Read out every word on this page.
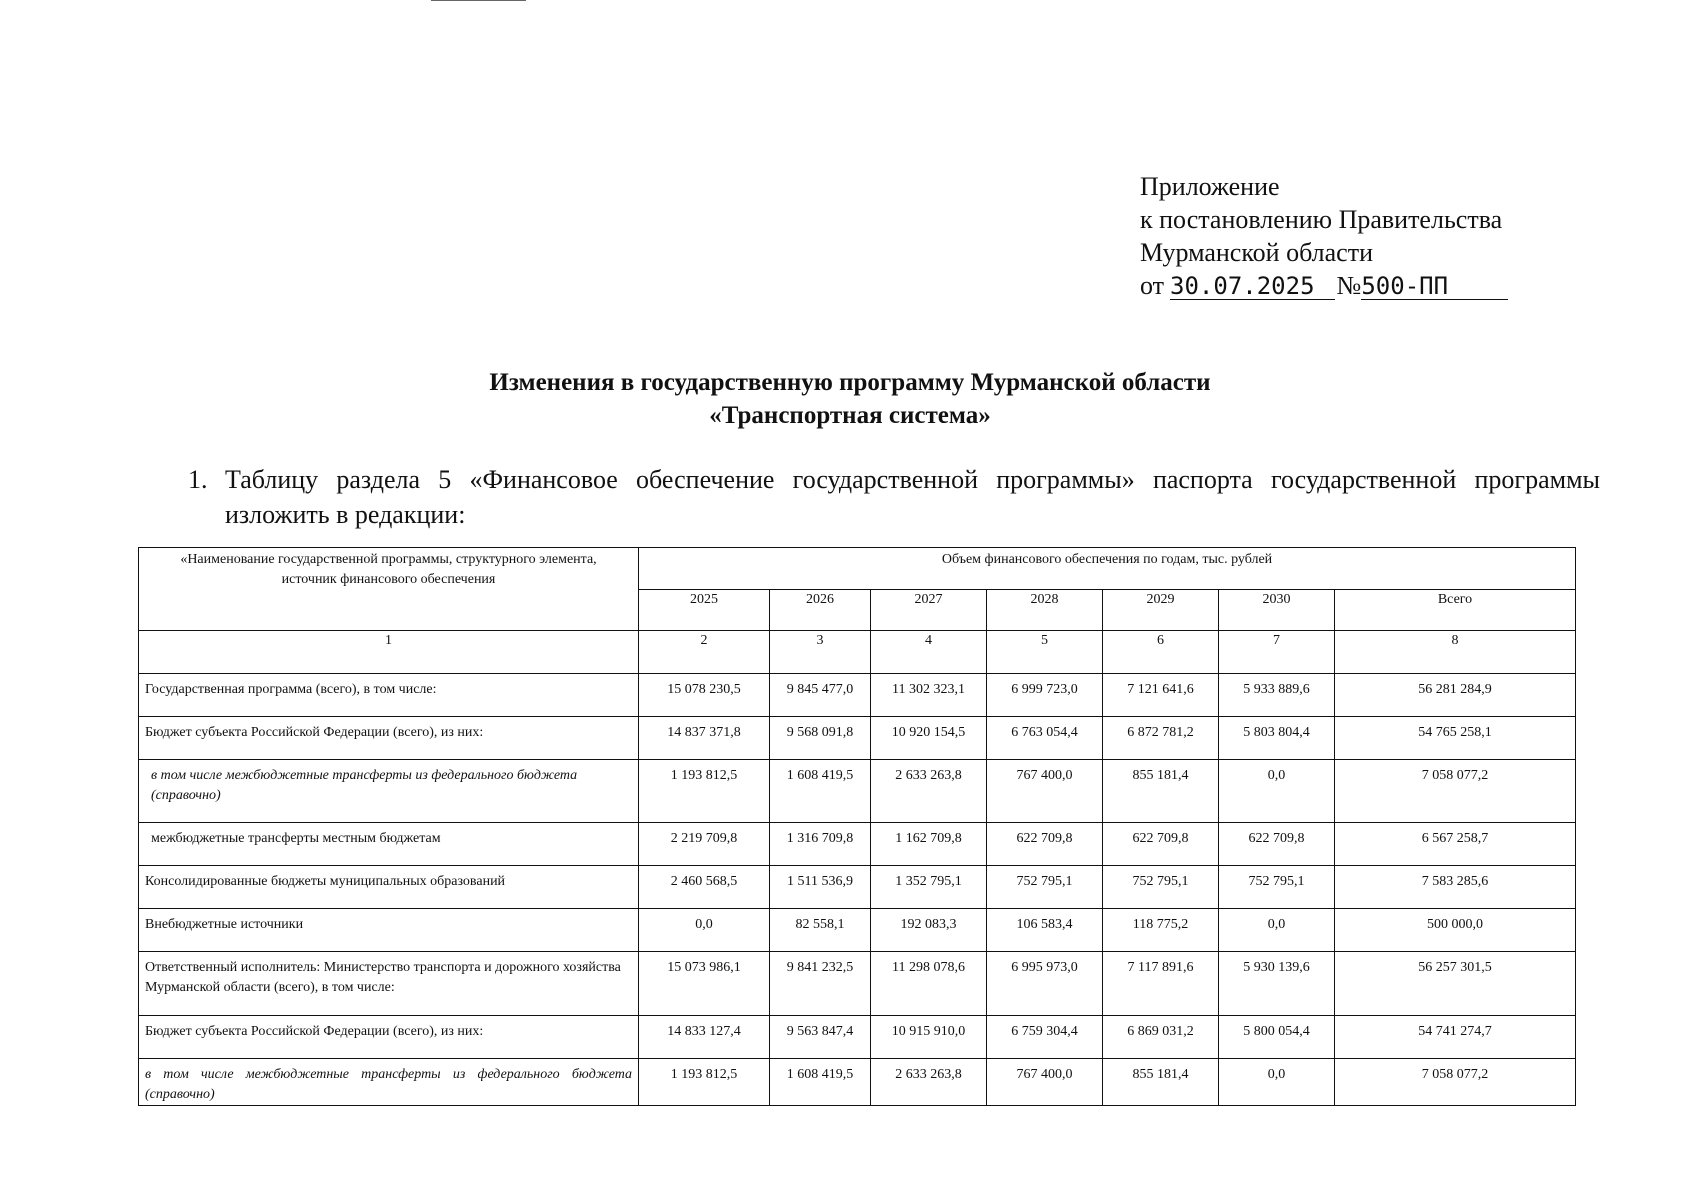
Приложение
к постановлению Правительства
Мурманской области
от 30.07.2025 № 500-ПП
Изменения в государственную программу Мурманской области
«Транспортная система»
1. Таблицу раздела 5 «Финансовое обеспечение государственной программы» паспорта государственной программы изложить в редакции:
«Наименование государственной программы, структурного элемента,
источник финансового обеспечения	Объем финансового обеспечения по годам, тыс. рублей						
	2025	2026	2027	2028	2029	2030	Всего
1	2	3	4	5	6	7	8
Государственная программа (всего), в том числе:	15 078 230,5	9 845 477,0	11 302 323,1	6 999 723,0	7 121 641,6	5 933 889,6	56 281 284,9
Бюджет субъекта Российской Федерации (всего), из них:	14 837 371,8	9 568 091,8	10 920 154,5	6 763 054,4	6 872 781,2	5 803 804,4	54 765 258,1
в том числе межбюджетные трансферты из федерального бюджета (справочно)	1 193 812,5	1 608 419,5	2 633 263,8	767 400,0	855 181,4	0,0	7 058 077,2
межбюджетные трансферты местным бюджетам	2 219 709,8	1 316 709,8	1 162 709,8	622 709,8	622 709,8	622 709,8	6 567 258,7
Консолидированные бюджеты муниципальных образований	2 460 568,5	1 511 536,9	1 352 795,1	752 795,1	752 795,1	752 795,1	7 583 285,6
Внебюджетные источники	0,0	82 558,1	192 083,3	106 583,4	118 775,2	0,0	500 000,0
Ответственный исполнитель: Министерство транспорта и дорожного хозяйства Мурманской области (всего), в том числе:	15 073 986,1	9 841 232,5	11 298 078,6	6 995 973,0	7 117 891,6	5 930 139,6	56 257 301,5
Бюджет субъекта Российской Федерации (всего), из них:	14 833 127,4	9 563 847,4	10 915 910,0	6 759 304,4	6 869 031,2	5 800 054,4	54 741 274,7
в том числе межбюджетные трансферты из федерального бюджета (справочно)	1 193 812,5	1 608 419,5	2 633 263,8	767 400,0	855 181,4	0,0	7 058 077,2
